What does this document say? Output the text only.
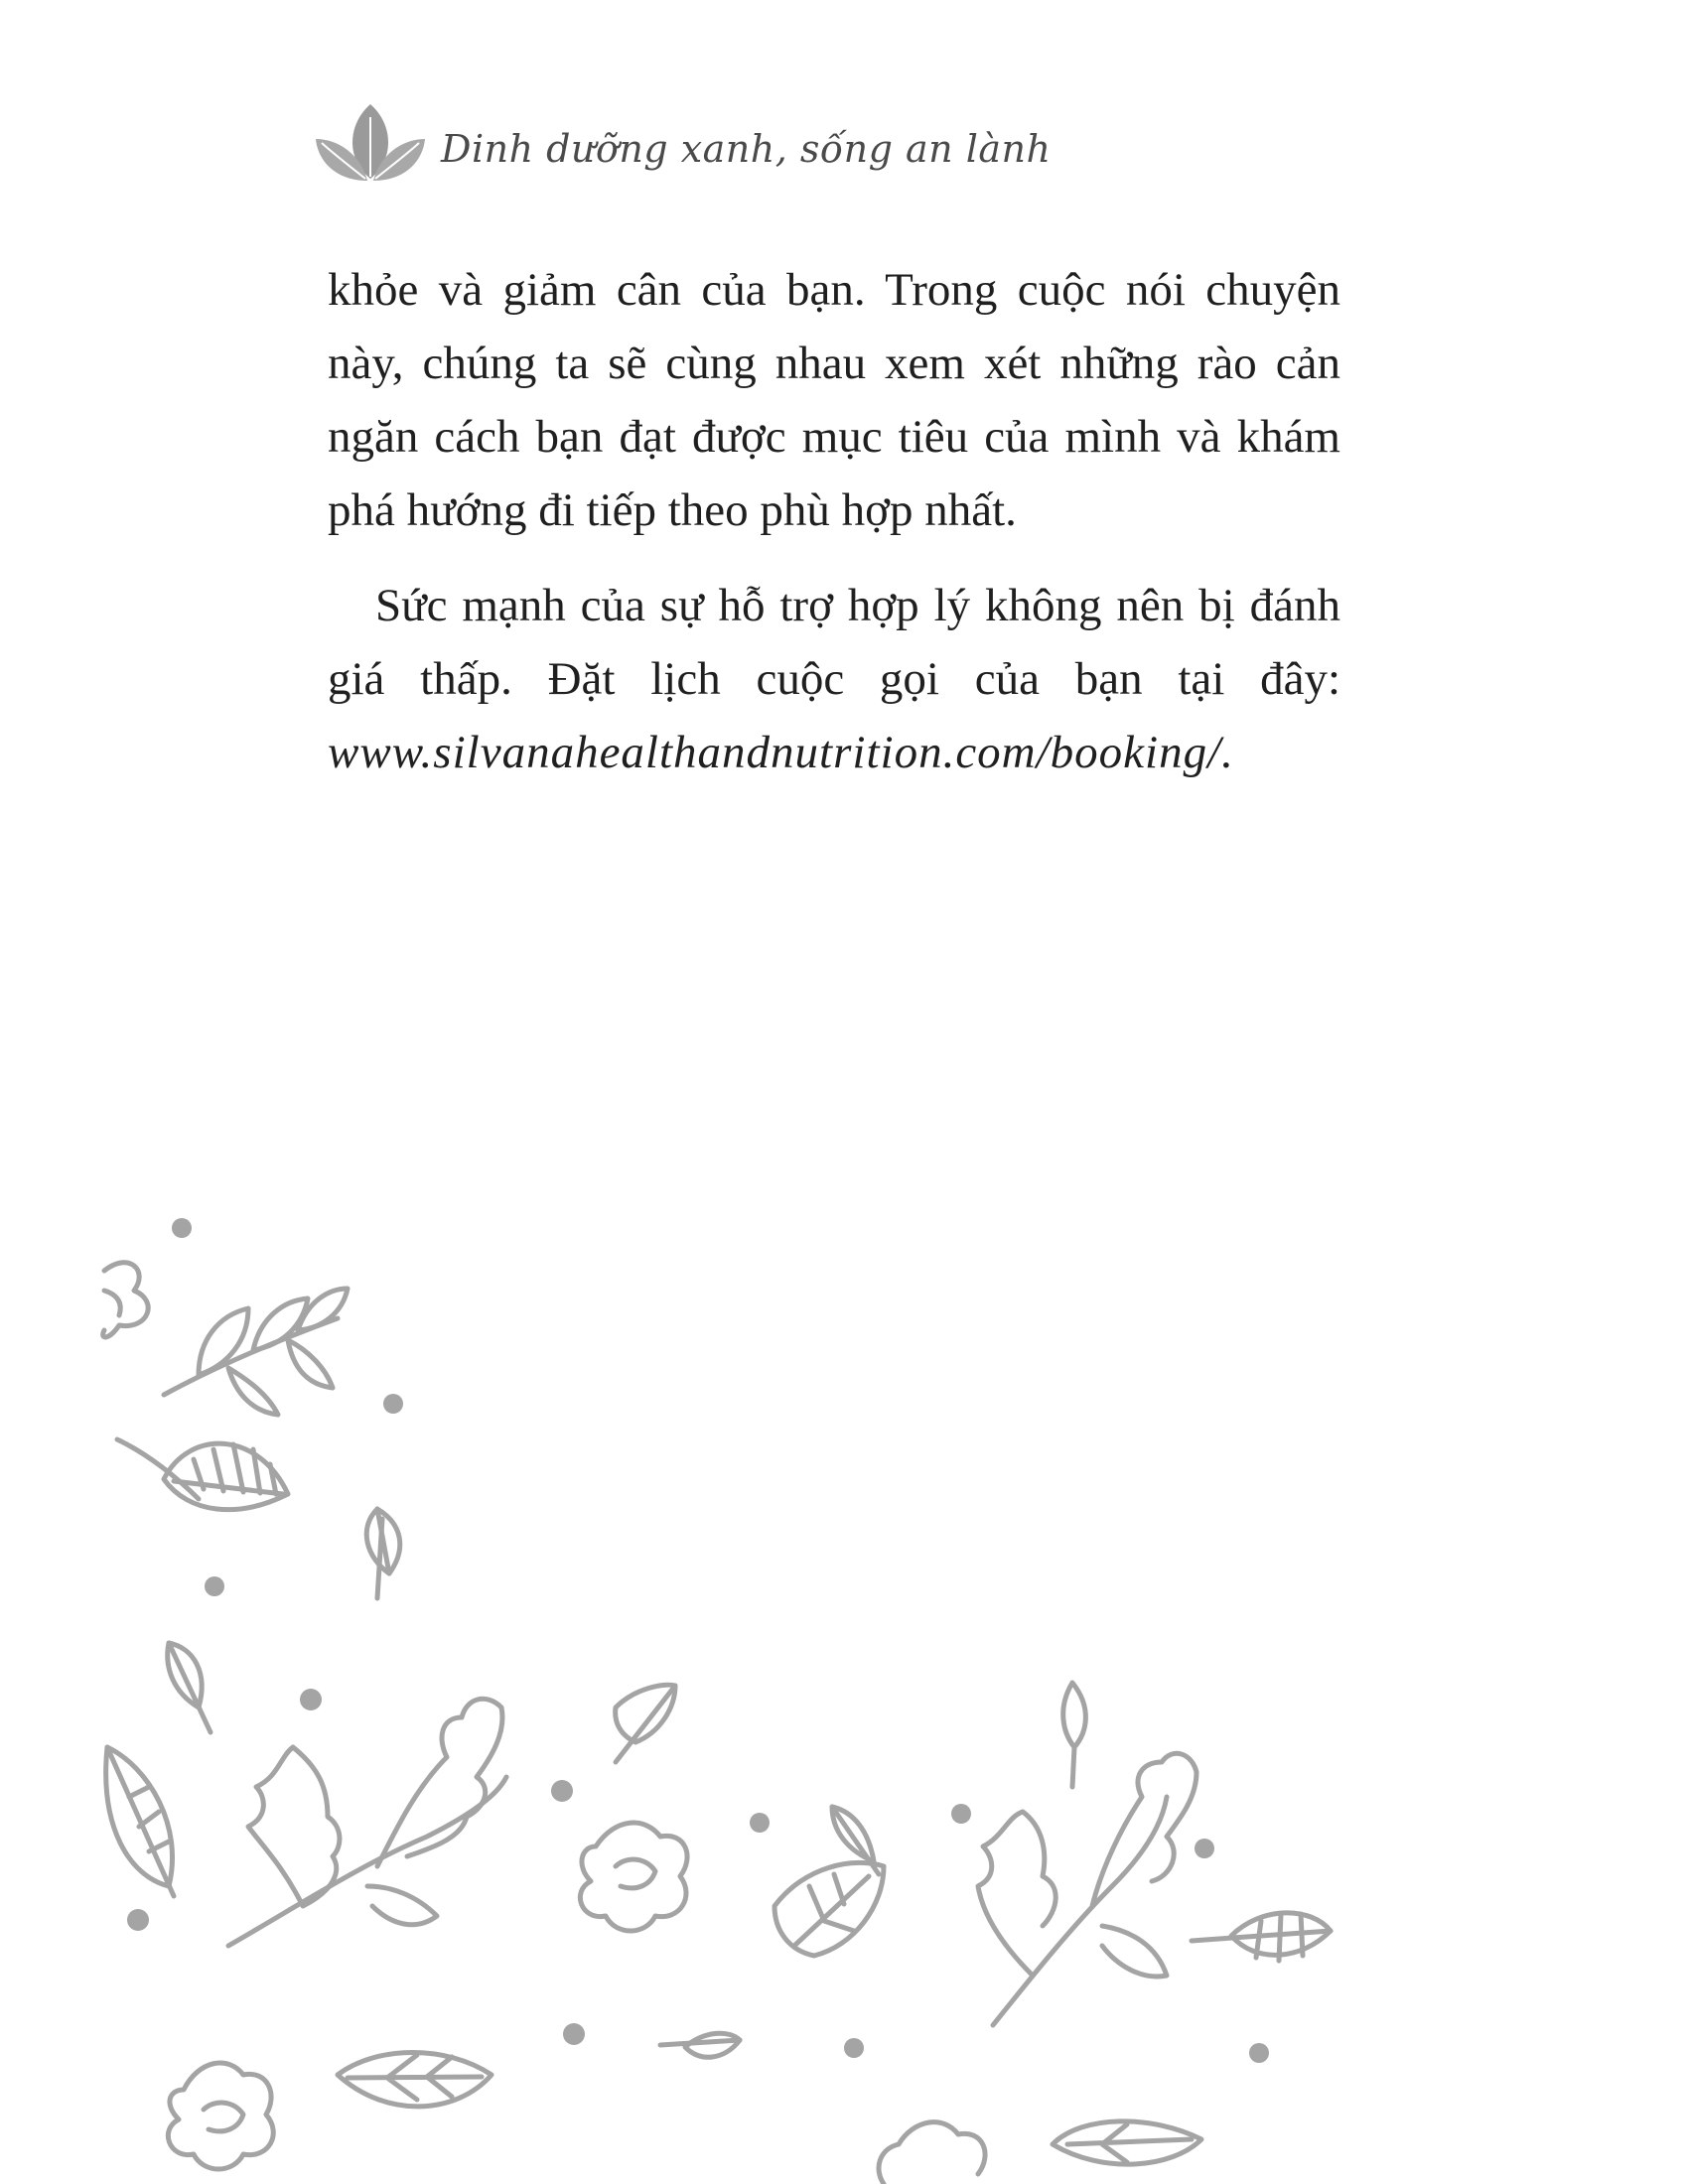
Dinh dưỡng xanh, sống an lành

khỏe và giảm cân của bạn. Trong cuộc nói chuyện này, chúng ta sẽ cùng nhau xem xét những rào cản ngăn cách bạn đạt được mục tiêu của mình và khám phá hướng đi tiếp theo phù hợp nhất.

Sức mạnh của sự hỗ trợ hợp lý không nên bị đánh giá thấp. Đặt lịch cuộc gọi của bạn tại đây: www.silvanahealthandnutrition.com/booking/.
